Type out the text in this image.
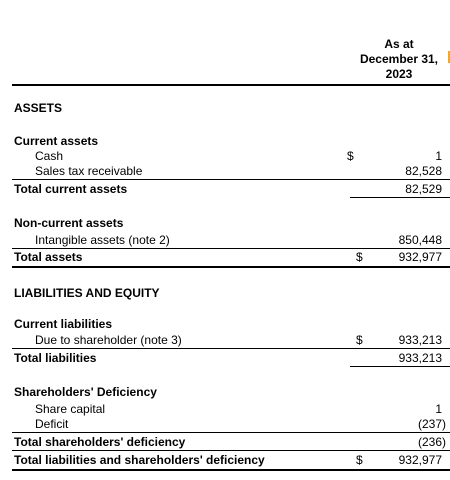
As at
December 31,
2023
ASSETS
Current assets
Cash	$	1
Sales tax receivable	82,528
Total current assets	82,529
Non-current assets
Intangible assets (note 2)	850,448
Total assets	$	932,977
LIABILITIES AND EQUITY
Current liabilities
Due to shareholder (note 3)	$	933,213
Total liabilities	933,213
Shareholders' Deficiency
Share capital	1
Deficit	(237)
Total shareholders' deficiency	(236)
Total liabilities and shareholders' deficiency	$	932,977
